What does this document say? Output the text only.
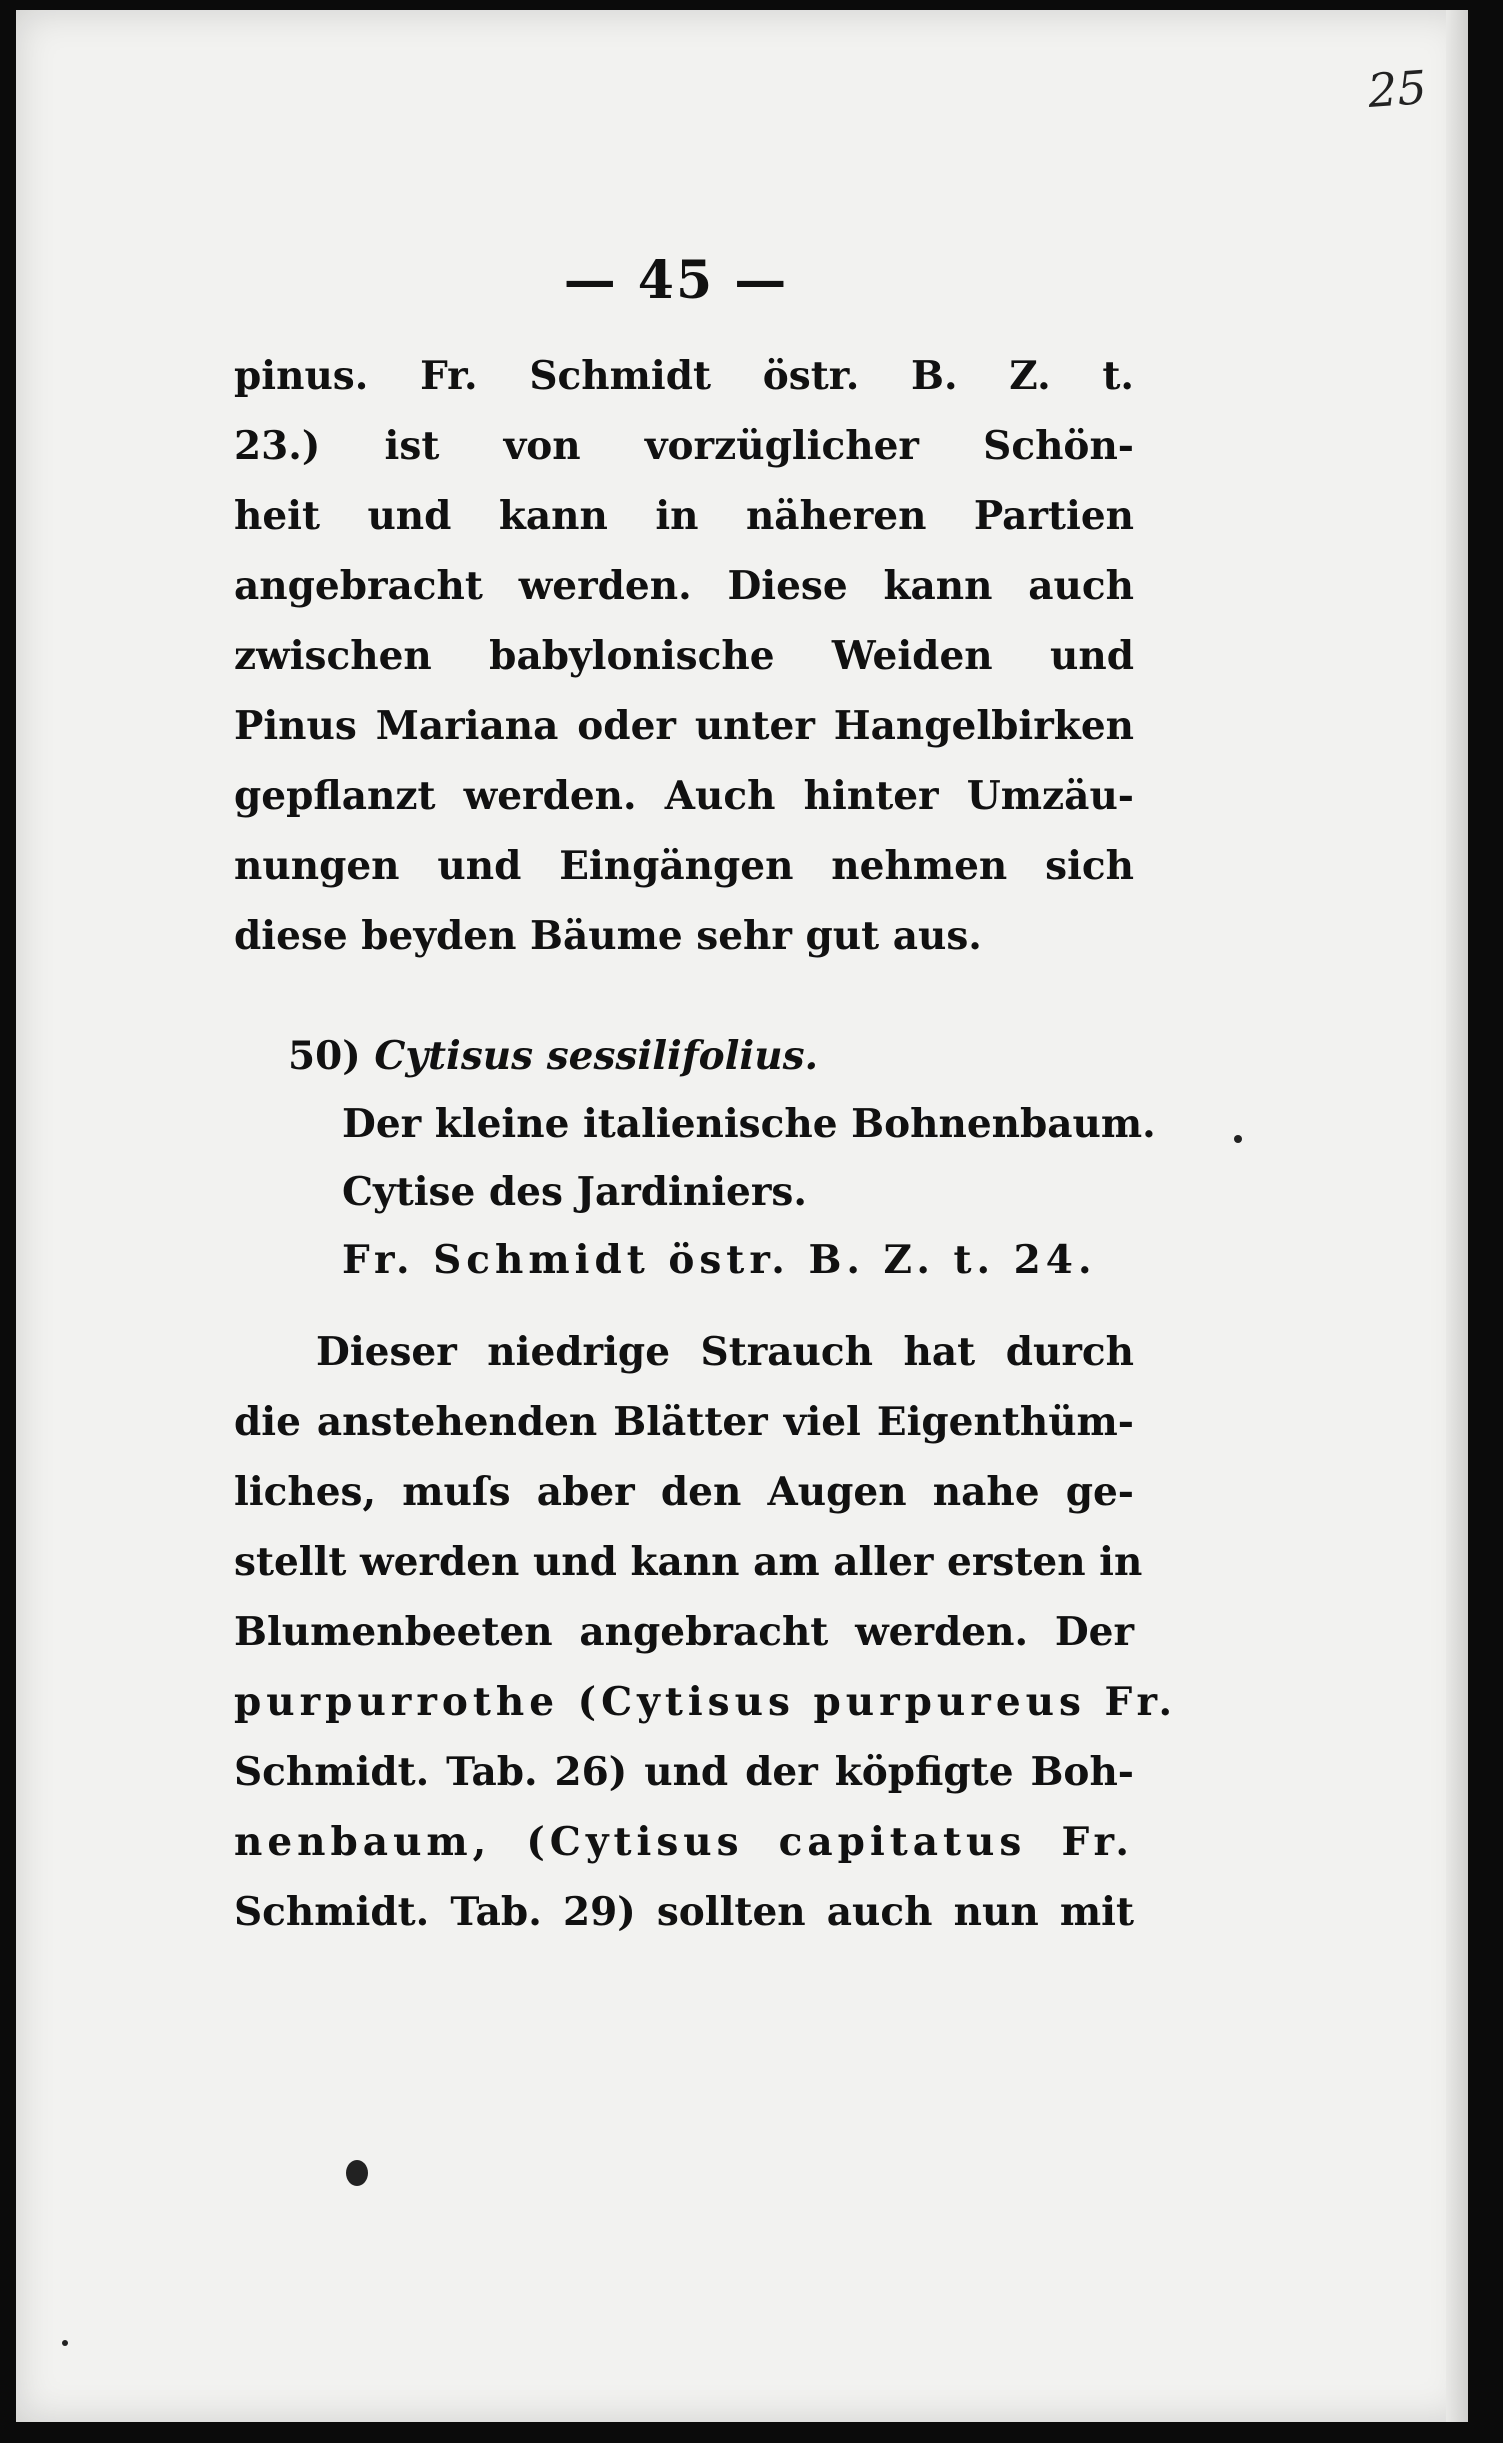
25
— 45 —
pinus. Fr. Schmidt östr. B. Z. t.
23.) ist von vorzüglicher Schön-
heit und kann in näheren Partien
angebracht werden. Diese kann auch
zwischen babylonische Weiden und
Pinus Mariana oder unter Hangelbirken
gepflanzt werden. Auch hinter Umzäu-
nungen und Eingängen nehmen sich
diese beyden Bäume sehr gut aus.
50) Cytisus sessilifolius.
Der kleine italienische Bohnenbaum.
Cytise des Jardiniers.
Fr. Schmidt östr. B. Z. t. 24.
Dieser niedrige Strauch hat durch
die anstehenden Blätter viel Eigenthüm-
liches, muſs aber den Augen nahe ge-
stellt werden und kann am aller ersten in
Blumenbeeten angebracht werden. Der
purpurrothe (Cytisus purpureus Fr.
Schmidt. Tab. 26) und der köpfigte Boh-
nenbaum, (Cytisus capitatus Fr.
Schmidt. Tab. 29) sollten auch nun mit
